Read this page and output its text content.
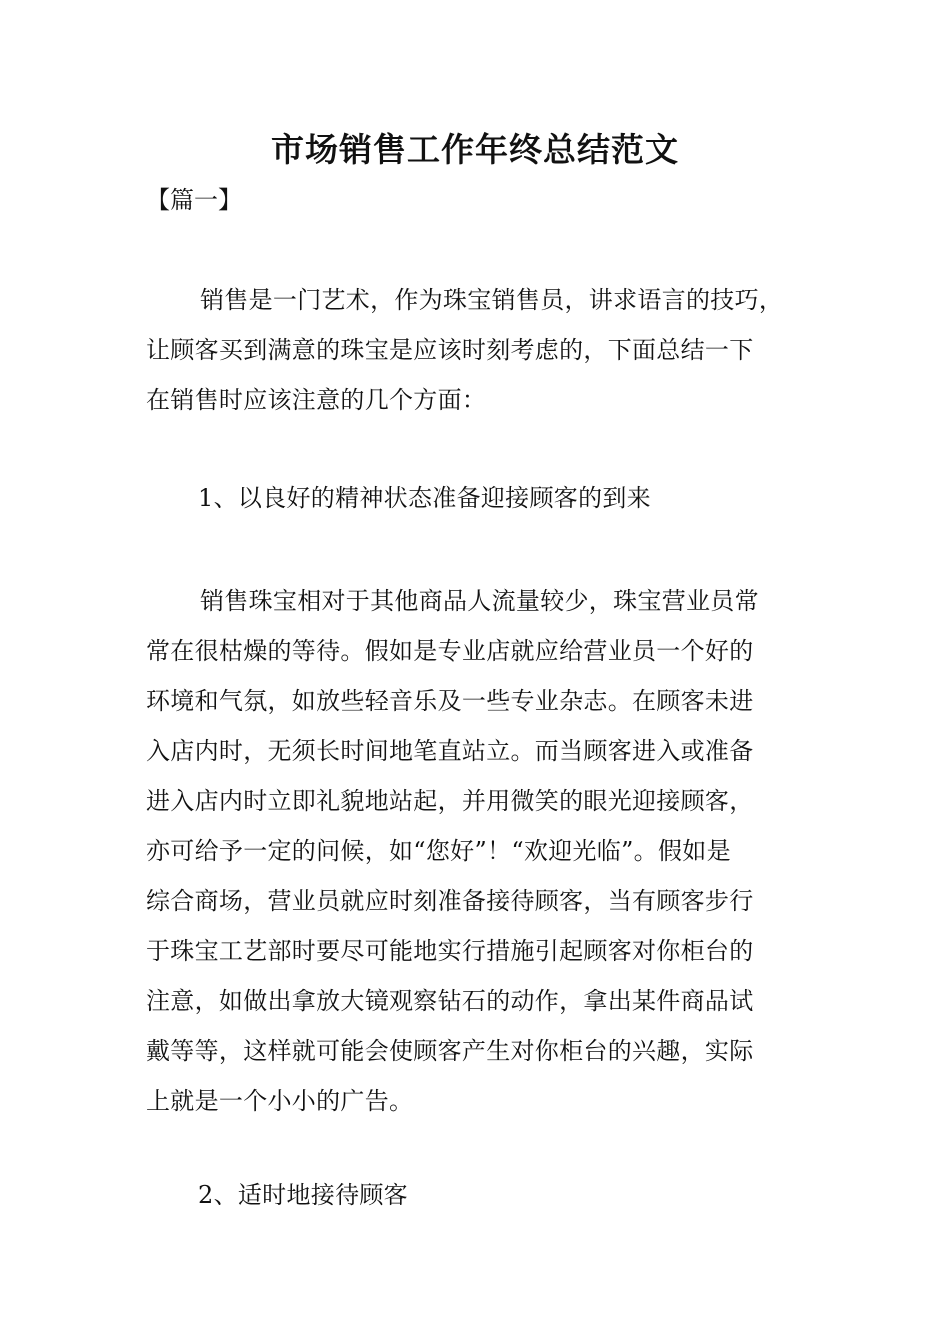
市场销售工作年终总结范文
【篇一】
销售是一门艺术，作为珠宝销售员，讲求语言的技巧，
让顾客买到满意的珠宝是应该时刻考虑的，下面总结一下
在销售时应该注意的几个方面：
1、以良好的精神状态准备迎接顾客的到来
销售珠宝相对于其他商品人流量较少，珠宝营业员常
常在很枯燥的等待。假如是专业店就应给营业员一个好的
环境和气氛，如放些轻音乐及一些专业杂志。在顾客未进
入店内时，无须长时间地笔直站立。而当顾客进入或准备
进入店内时立即礼貌地站起，并用微笑的眼光迎接顾客，
亦可给予一定的问候，如“您好”！“欢迎光临”。假如是
综合商场，营业员就应时刻准备接待顾客，当有顾客步行
于珠宝工艺部时要尽可能地实行措施引起顾客对你柜台的
注意，如做出拿放大镜观察钻石的动作，拿出某件商品试
戴等等，这样就可能会使顾客产生对你柜台的兴趣，实际
上就是一个小小的广告。
2、适时地接待顾客
